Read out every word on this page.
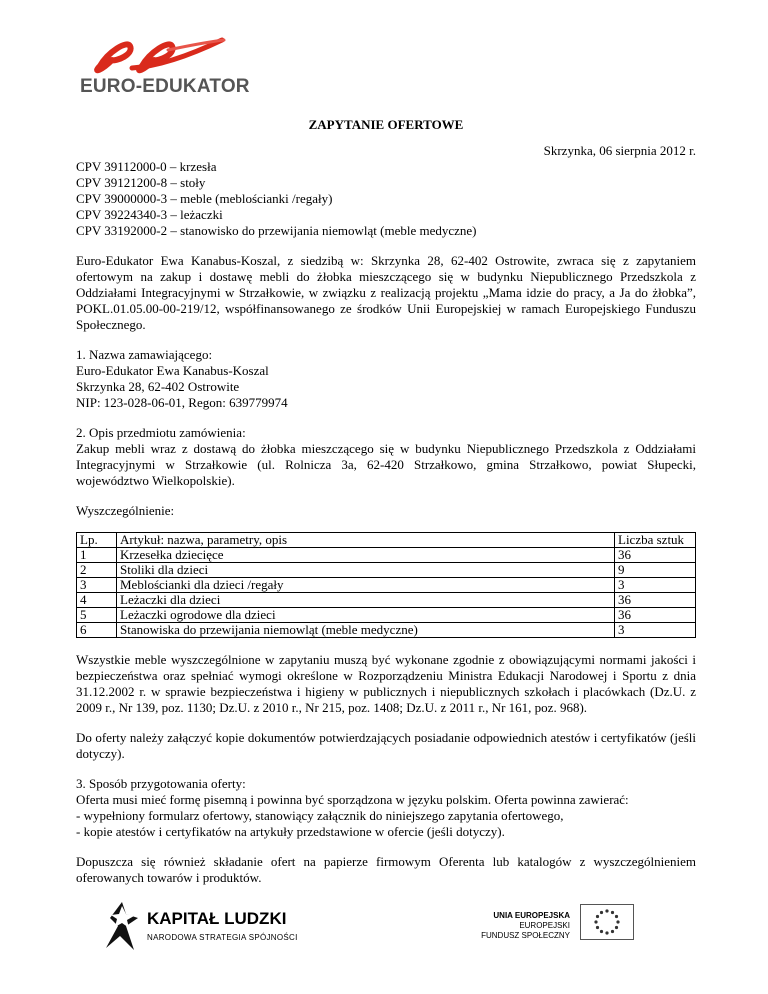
EURO-EDUKATOR

ZAPYTANIE OFERTOWE

Skrzynka, 06 sierpnia 2012 r.

CPV 39112000-0 – krzesła

CPV 39121200-8 – stoły

CPV 39000000-3 – meble (meblościanki /regały)

CPV 39224340-3 – leżaczki

CPV 33192000-2 – stanowisko do przewijania niemowląt (meble medyczne)

Euro-Edukator Ewa Kanabus-Koszal, z siedzibą w: Skrzynka 28, 62-402 Ostrowite, zwraca się z zapytaniem ofertowym na zakup i dostawę mebli do żłobka mieszczącego się w budynku Niepublicznego Przedszkola z Oddziałami Integracyjnymi w Strzałkowie, w związku z realizacją projektu „Mama idzie do pracy, a Ja do żłobka”, POKL.01.05.00-00-219/12, współfinansowanego ze środków Unii Europejskiej w ramach Europejskiego Funduszu Społecznego.

1. Nazwa zamawiającego:

Euro-Edukator Ewa Kanabus-Koszal

Skrzynka 28, 62-402 Ostrowite

NIP: 123-028-06-01, Regon: 639779974

2. Opis przedmiotu zamówienia:

Zakup mebli wraz z dostawą do żłobka mieszczącego się w budynku Niepublicznego Przedszkola z Oddziałami Integracyjnymi w Strzałkowie (ul. Rolnicza 3a, 62-420 Strzałkowo, gmina Strzałkowo, powiat Słupecki, województwo Wielkopolskie).

Wyszczególnienie:

Lp.	Artykuł: nazwa, parametry, opis	Liczba sztuk
1	Krzesełka dziecięce	36
2	Stoliki dla dzieci	9
3	Meblościanki dla dzieci /regały	3
4	Leżaczki dla dzieci	36
5	Leżaczki ogrodowe dla dzieci	36
6	Stanowiska do przewijania niemowląt (meble medyczne)	3

Wszystkie meble wyszczególnione w zapytaniu muszą być wykonane zgodnie z obowiązującymi normami jakości i bezpieczeństwa oraz spełniać wymogi określone w Rozporządzeniu Ministra Edukacji Narodowej i Sportu z dnia 31.12.2002 r. w sprawie bezpieczeństwa i higieny w publicznych i niepublicznych szkołach i placówkach (Dz.U. z 2009 r., Nr 139, poz. 1130; Dz.U. z 2010 r., Nr 215, poz. 1408; Dz.U. z 2011 r., Nr 161, poz. 968).

Do oferty należy załączyć kopie dokumentów potwierdzających posiadanie odpowiednich atestów i certyfikatów (jeśli dotyczy).

3. Sposób przygotowania oferty:

Oferta musi mieć formę pisemną i powinna być sporządzona w języku polskim. Oferta powinna zawierać:

- wypełniony formularz ofertowy, stanowiący załącznik do niniejszego zapytania ofertowego,

- kopie atestów i certyfikatów na artykuły przedstawione w ofercie (jeśli dotyczy).

Dopuszcza się również składanie ofert na papierze firmowym Oferenta lub katalogów z wyszczególnieniem oferowanych towarów i produktów.

KAPITAŁ LUDZKI
NARODOWA STRATEGIA SPÓJNOŚCI
UNIA EUROPEJSKA
EUROPEJSKI
FUNDUSZ SPOŁECZNY
